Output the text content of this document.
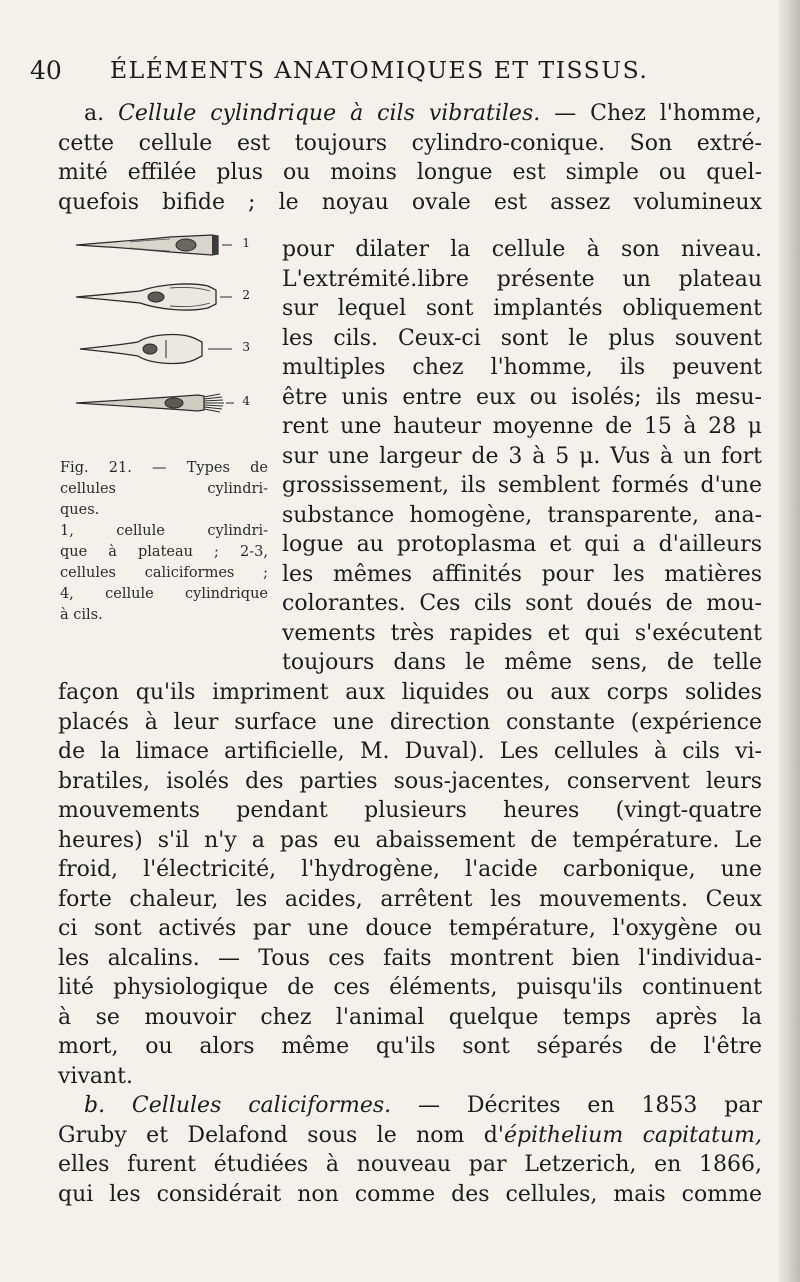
40 ÉLÉMENTS ANATOMIQUES ET TISSUS.
a. Cellule cylindrique à cils vibratiles. — Chez l'homme,
cette cellule est toujours cylindro-conique. Son extré-
mité effilée plus ou moins longue est simple ou quel-
quefois bifide ; le noyau ovale est assez volumineux
pour dilater la cellule à son niveau.
L'extrémité.libre présente un plateau
sur lequel sont implantés obliquement
les cils. Ceux-ci sont le plus souvent
multiples chez l'homme, ils peuvent
être unis entre eux ou isolés; ils mesu-
rent une hauteur moyenne de 15 à 28 μ
sur une largeur de 3 à 5 μ. Vus à un fort
grossissement, ils semblent formés d'une
substance homogène, transparente, ana-
logue au protoplasma et qui a d'ailleurs
les mêmes affinités pour les matières
colorantes. Ces cils sont doués de mou-
vements très rapides et qui s'exécutent
toujours dans le même sens, de telle
1
2
3
4
Fig. 21. — Types de
cellules cylindri-
ques.
1, cellule cylindri-
que à plateau ; 2-3,
cellules caliciformes ;
4, cellule cylindrique
à cils.
façon qu'ils impriment aux liquides ou aux corps solides
placés à leur surface une direction constante (expérience
de la limace artificielle, M. Duval). Les cellules à cils vi-
bratiles, isolés des parties sous-jacentes, conservent leurs
mouvements pendant plusieurs heures (vingt-quatre
heures) s'il n'y a pas eu abaissement de température. Le
froid, l'électricité, l'hydrogène, l'acide carbonique, une
forte chaleur, les acides, arrêtent les mouvements. Ceux
ci sont activés par une douce température, l'oxygène ou
les alcalins. — Tous ces faits montrent bien l'individua-
lité physiologique de ces éléments, puisqu'ils continuent
à se mouvoir chez l'animal quelque temps après la
mort, ou alors même qu'ils sont séparés de l'être
vivant.
b. Cellules caliciformes. — Décrites en 1853 par
Gruby et Delafond sous le nom d'épithelium capitatum,
elles furent étudiées à nouveau par Letzerich, en 1866,
qui les considérait non comme des cellules, mais comme
